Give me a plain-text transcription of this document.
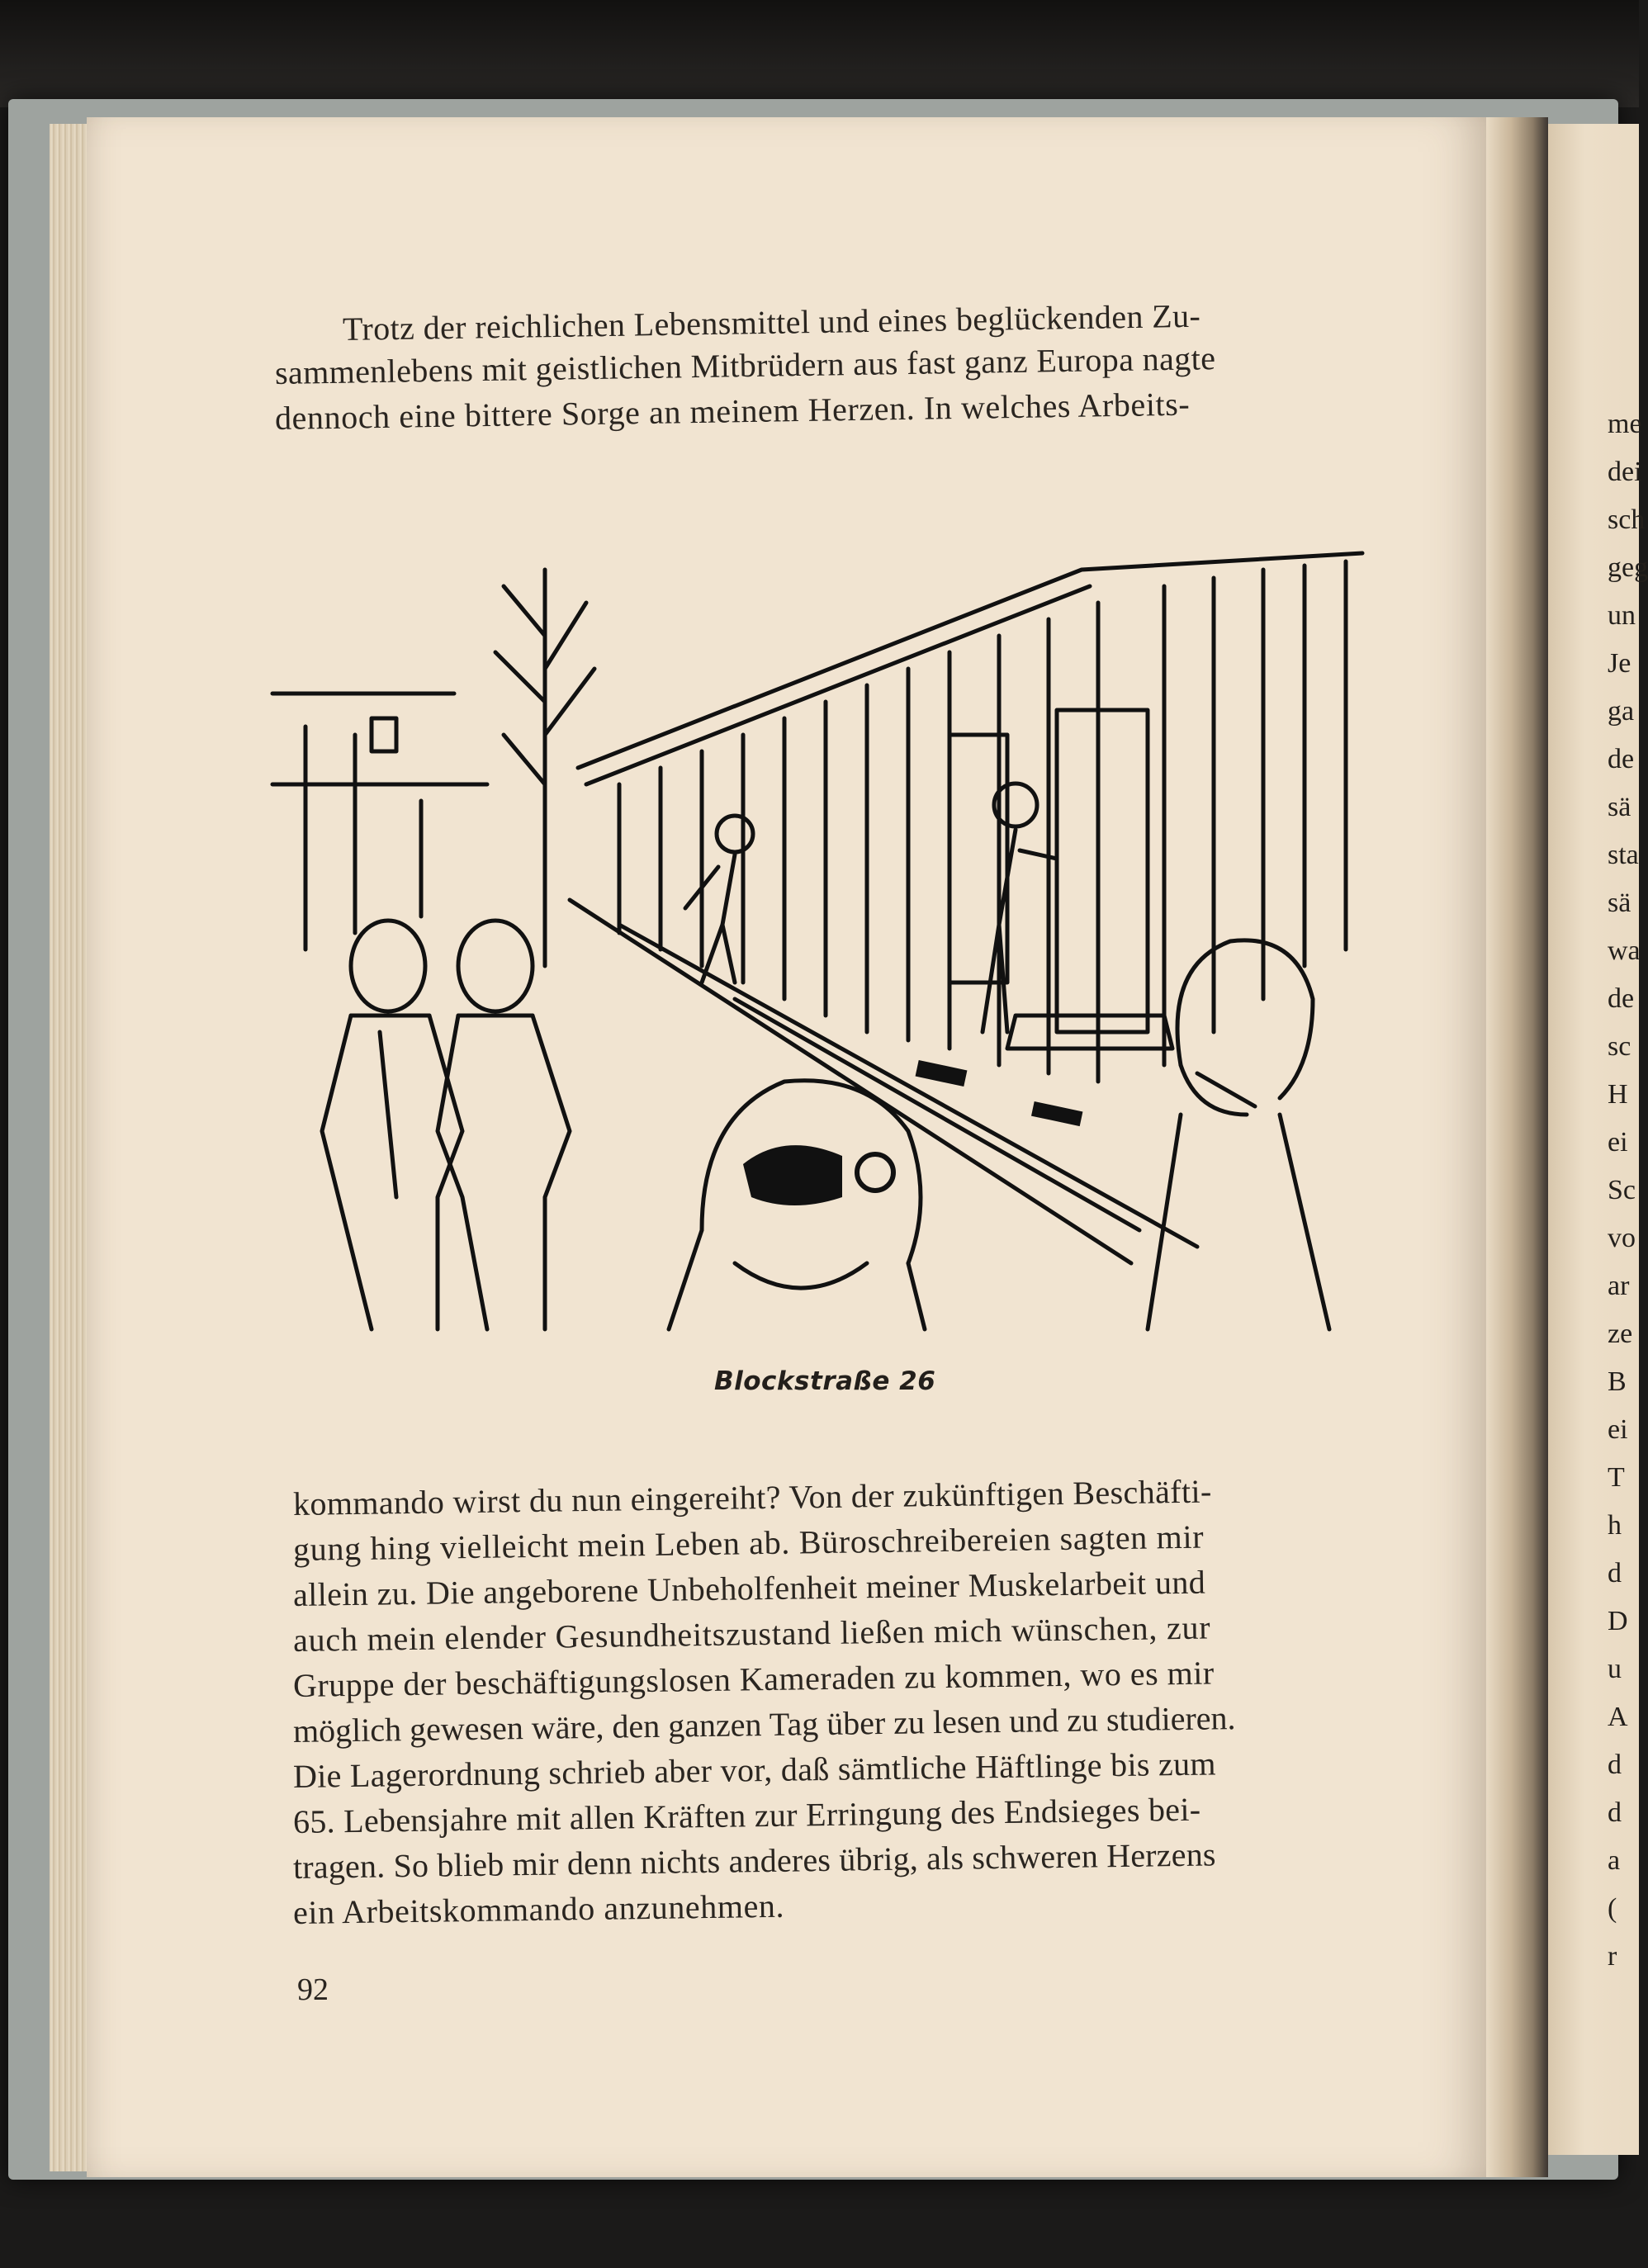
Trotz der reichlichen Lebensmittel und eines beglückenden Zu-
sammenlebens mit geistlichen Mitbrüdern aus fast ganz Europa nagte
dennoch eine bittere Sorge an meinem Herzen. In welches Arbeits-
Blockstraße 26
kommando wirst du nun eingereiht? Von der zukünftigen Beschäfti-
gung hing vielleicht mein Leben ab. Büroschreibereien sagten mir
allein zu. Die angeborene Unbeholfenheit meiner Muskelarbeit und
auch mein elender Gesundheitszustand ließen mich wünschen, zur
Gruppe der beschäftigungslosen Kameraden zu kommen, wo es mir
möglich gewesen wäre, den ganzen Tag über zu lesen und zu studieren.
Die Lagerordnung schrieb aber vor, daß sämtliche Häftlinge bis zum
65. Lebensjahre mit allen Kräften zur Erringung des Endsieges bei-
tragen. So blieb mir denn nichts anderes übrig, als schweren Herzens
ein Arbeitskommando anzunehmen.
92
me
dei
sch
geg
un
Je
ga
de
sä
sta
sä
wa
de
sc
H
ei
Sc
vo
ar
ze
B
ei
T
h
d
D
u
A
d
d
a
(
r
